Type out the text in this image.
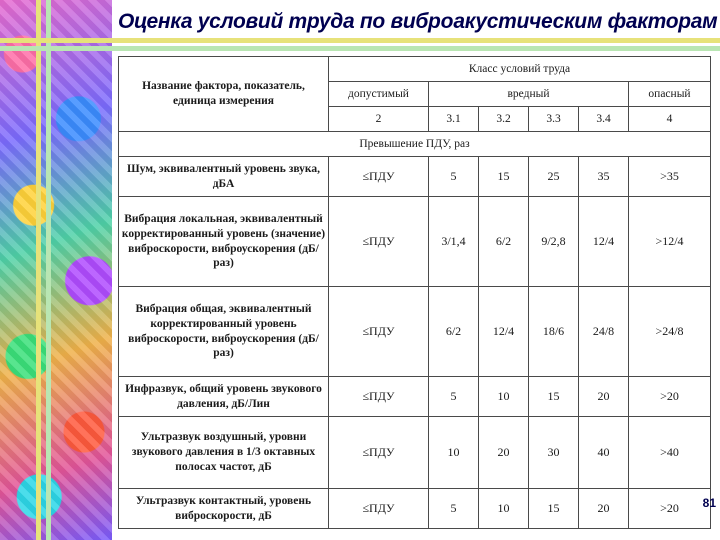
Оценка условий труда по виброакустическим факторам
Название фактора, показатель, единица измерения	Класс условий труда					
	допустимый	вредный				опасный
	2	3.1	3.2	3.3	3.4	4
Превышение ПДУ, раз						
Шум, эквивалентный уровень звука, дБА	≤ПДУ	5	15	25	35	>35
Вибрация локальная, эквивалентный корректированный уровень (значение) виброскорости, виброускорения (дБ/раз)	≤ПДУ	3/1,4	6/2	9/2,8	12/4	>12/4
Вибрация общая, эквивалентный корректированный уровень виброскорости, виброускорения (дБ/раз)	≤ПДУ	6/2	12/4	18/6	24/8	>24/8
Инфразвук, общий уровень звукового давления, дБ/Лин	≤ПДУ	5	10	15	20	>20
Ультразвук воздушный, уровни звукового давления в 1/3 октавных полосах частот, дБ	≤ПДУ	10	20	30	40	>40
Ультразвук контактный, уровень виброскорости, дБ	≤ПДУ	5	10	15	20	>20 81
